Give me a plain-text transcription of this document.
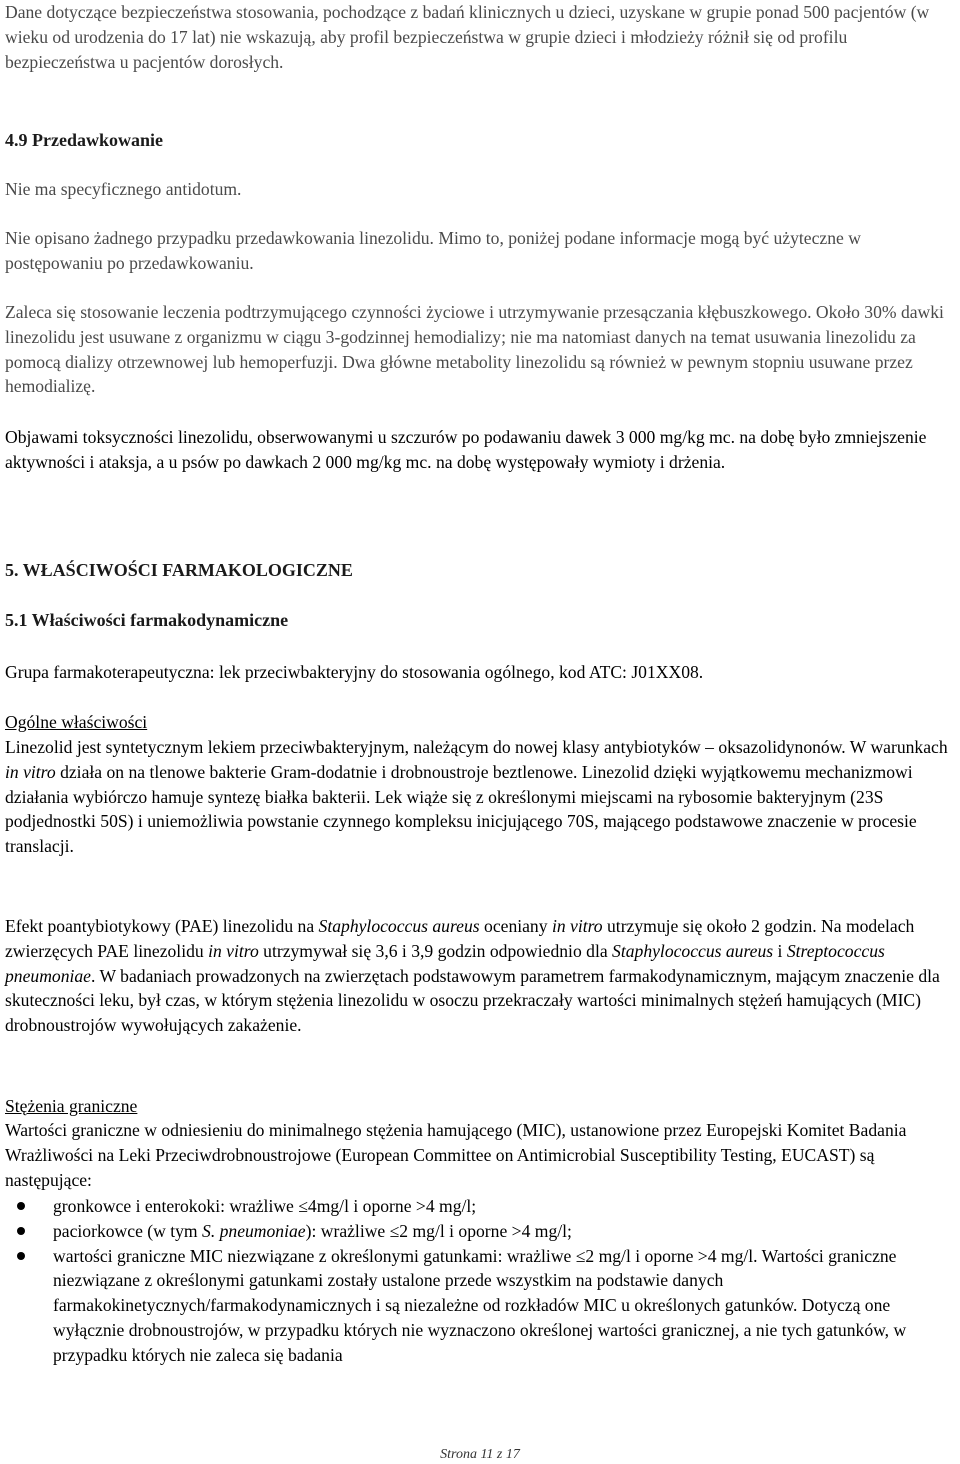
Dane dotyczące bezpieczeństwa stosowania, pochodzące z badań klinicznych u dzieci, uzyskane w grupie ponad 500 pacjentów (w wieku od urodzenia do 17 lat) nie wskazują, aby profil bezpieczeństwa w grupie dzieci i młodzieży różnił się od profilu bezpieczeństwa u pacjentów dorosłych.

4.9 Przedawkowanie

Nie ma specyficznego antidotum.

Nie opisano żadnego przypadku przedawkowania linezolidu. Mimo to, poniżej podane informacje mogą być użyteczne w postępowaniu po przedawkowaniu.

Zaleca się stosowanie leczenia podtrzymującego czynności życiowe i utrzymywanie przesączania kłębuszkowego. Około 30% dawki linezolidu jest usuwane z organizmu w ciągu 3-godzinnej hemodializy; nie ma natomiast danych na temat usuwania linezolidu za pomocą dializy otrzewnowej lub hemoperfuzji. Dwa główne metabolity linezolidu są również w pewnym stopniu usuwane przez hemodializę.

Objawami toksyczności linezolidu, obserwowanymi u szczurów po podawaniu dawek 3 000 mg/kg mc. na dobę było zmniejszenie aktywności i ataksja, a u psów po dawkach 2 000 mg/kg mc. na dobę występowały wymioty i drżenia.

5. WŁAŚCIWOŚCI FARMAKOLOGICZNE
5.1 Właściwości farmakodynamiczne

Grupa farmakoterapeutyczna: lek przeciwbakteryjny do stosowania ogólnego, kod ATC: J01XX08.

Ogólne właściwości

Linezolid jest syntetycznym lekiem przeciwbakteryjnym, należącym do nowej klasy antybiotyków – oksazolidynonów. W warunkach in vitro działa on na tlenowe bakterie Gram-dodatnie i drobnoustroje beztlenowe. Linezolid dzięki wyjątkowemu mechanizmowi działania wybiórczo hamuje syntezę białka bakterii. Lek wiąże się z określonymi miejscami na rybosomie bakteryjnym (23S podjednostki 50S) i uniemożliwia powstanie czynnego kompleksu inicjującego 70S, mającego podstawowe znaczenie w procesie translacji.

Efekt poantybiotykowy (PAE) linezolidu na Staphylococcus aureus oceniany in vitro utrzymuje się około 2 godzin. Na modelach zwierzęcych PAE linezolidu in vitro utrzymywał się 3,6 i 3,9 godzin odpowiednio dla Staphylococcus aureus i Streptococcus pneumoniae. W badaniach prowadzonych na zwierzętach podstawowym parametrem farmakodynamicznym, mającym znaczenie dla skuteczności leku, był czas, w którym stężenia linezolidu w osoczu przekraczały wartości minimalnych stężeń hamujących (MIC) drobnoustrojów wywołujących zakażenie.

Stężenia graniczne

Wartości graniczne w odniesieniu do minimalnego stężenia hamującego (MIC), ustanowione przez Europejski Komitet Badania Wrażliwości na Leki Przeciwdrobnoustrojowe (European Committee on Antimicrobial Susceptibility Testing, EUCAST) są następujące:

gronkowce i enterokoki: wrażliwe ≤4mg/l i oporne >4 mg/l;
paciorkowce (w tym S. pneumoniae): wrażliwe ≤2 mg/l i oporne >4 mg/l;
wartości graniczne MIC niezwiązane z określonymi gatunkami: wrażliwe ≤2 mg/l i oporne >4 mg/l. Wartości graniczne niezwiązane z określonymi gatunkami zostały ustalone przede wszystkim na podstawie danych farmakokinetycznych/farmakodynamicznych i są niezależne od rozkładów MIC u określonych gatunków. Dotyczą one wyłącznie drobnoustrojów, w przypadku których nie wyznaczono określonej wartości granicznej, a nie tych gatunków, w przypadku których nie zaleca się badania
Strona 11 z 17
